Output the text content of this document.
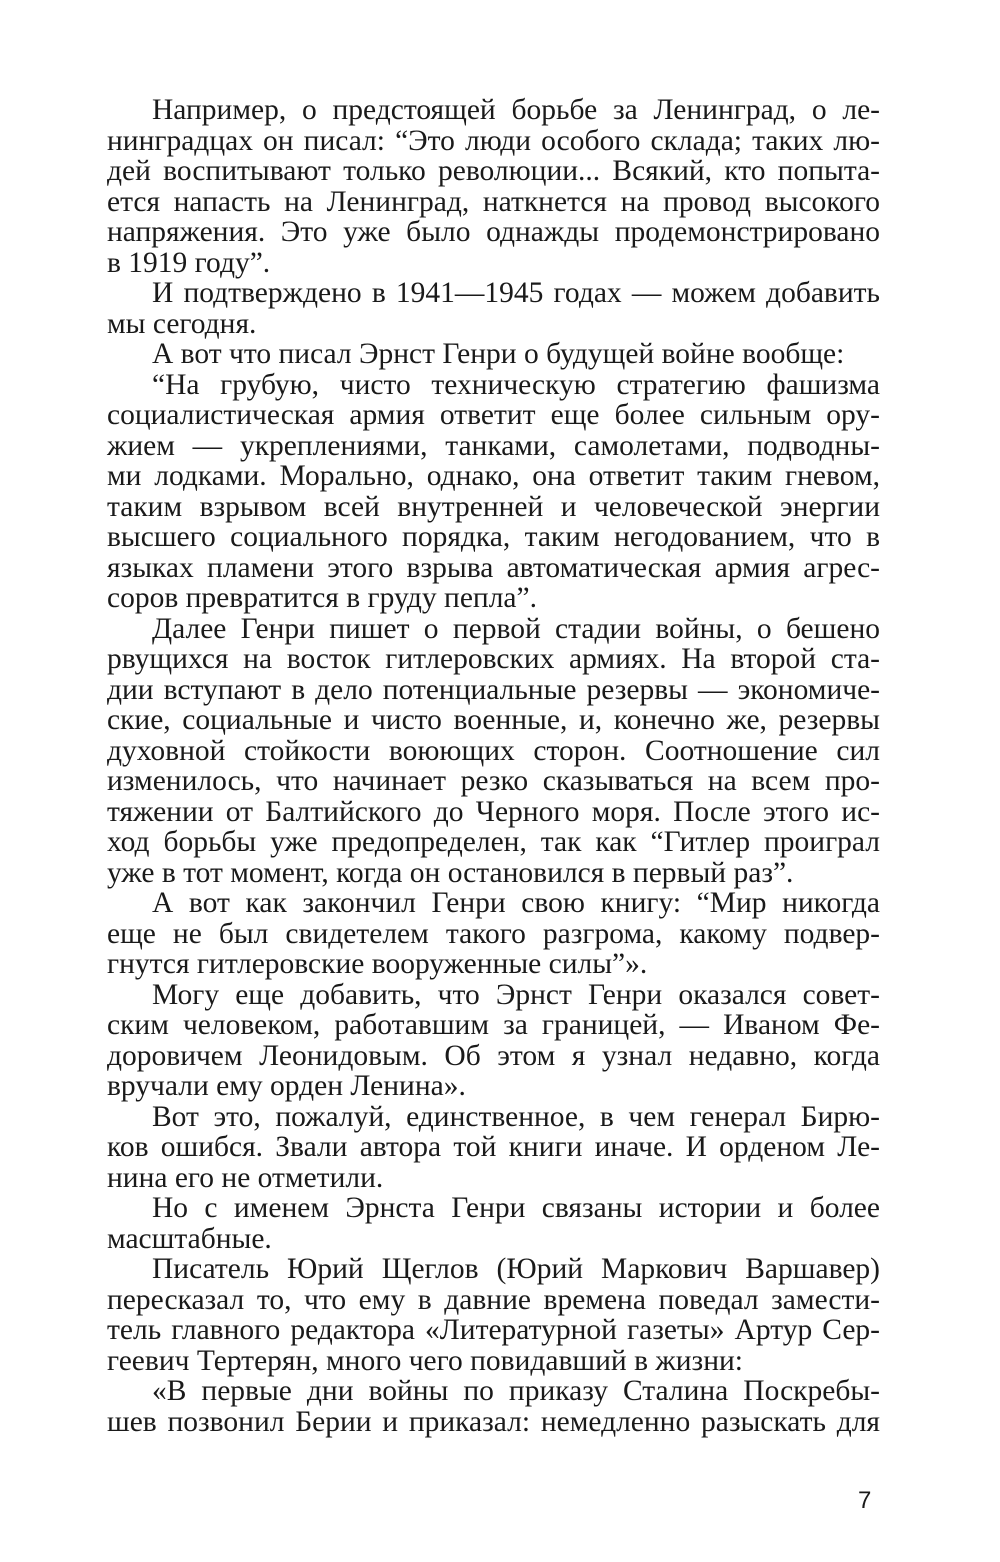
Например, о предстоящей борьбе за Ленинград, о ле-
нинградцах он писал: “Это люди особого склада; таких лю-
дей воспитывают только революции... Всякий, кто попыта-
ется напасть на Ленинград, наткнется на провод высокого
напряжения. Это уже было однажды продемонстрировано
в 1919 году”.
И подтверждено в 1941—1945 годах — можем добавить
мы сегодня.
А вот что писал Эрнст Генри о будущей войне вообще:
“На грубую, чисто техническую стратегию фашизма
социалистическая армия ответит еще более сильным ору-
жием — укреплениями, танками, самолетами, подводны-
ми лодками. Морально, однако, она ответит таким гневом,
таким взрывом всей внутренней и человеческой энергии
высшего социального порядка, таким негодованием, что в
языках пламени этого взрыва автоматическая армия агрес-
соров превратится в груду пепла”.
Далее Генри пишет о первой стадии войны, о бешено
рвущихся на восток гитлеровских армиях. На второй ста-
дии вступают в дело потенциальные резервы — экономиче-
ские, социальные и чисто военные, и, конечно же, резервы
духовной стойкости воюющих сторон. Соотношение сил
изменилось, что начинает резко сказываться на всем про-
тяжении от Балтийского до Черного моря. После этого ис-
ход борьбы уже предопределен, так как “Гитлер проиграл
уже в тот момент, когда он остановился в первый раз”.
А вот как закончил Генри свою книгу: “Мир никогда
еще не был свидетелем такого разгрома, какому подвер-
гнутся гитлеровские вооруженные силы”».
Могу еще добавить, что Эрнст Генри оказался совет-
ским человеком, работавшим за границей, — Иваном Фе-
доровичем Леонидовым. Об этом я узнал недавно, когда
вручали ему орден Ленина».
Вот это, пожалуй, единственное, в чем генерал Бирю-
ков ошибся. Звали автора той книги иначе. И орденом Ле-
нина его не отметили.
Но с именем Эрнста Генри связаны истории и более
масштабные.
Писатель Юрий Щеглов (Юрий Маркович Варшавер)
пересказал то, что ему в давние времена поведал замести-
тель главного редактора «Литературной газеты» Артур Сер-
геевич Тертерян, много чего повидавший в жизни:
«В первые дни войны по приказу Сталина Поскребы-
шев позвонил Берии и приказал: немедленно разыскать для
7
